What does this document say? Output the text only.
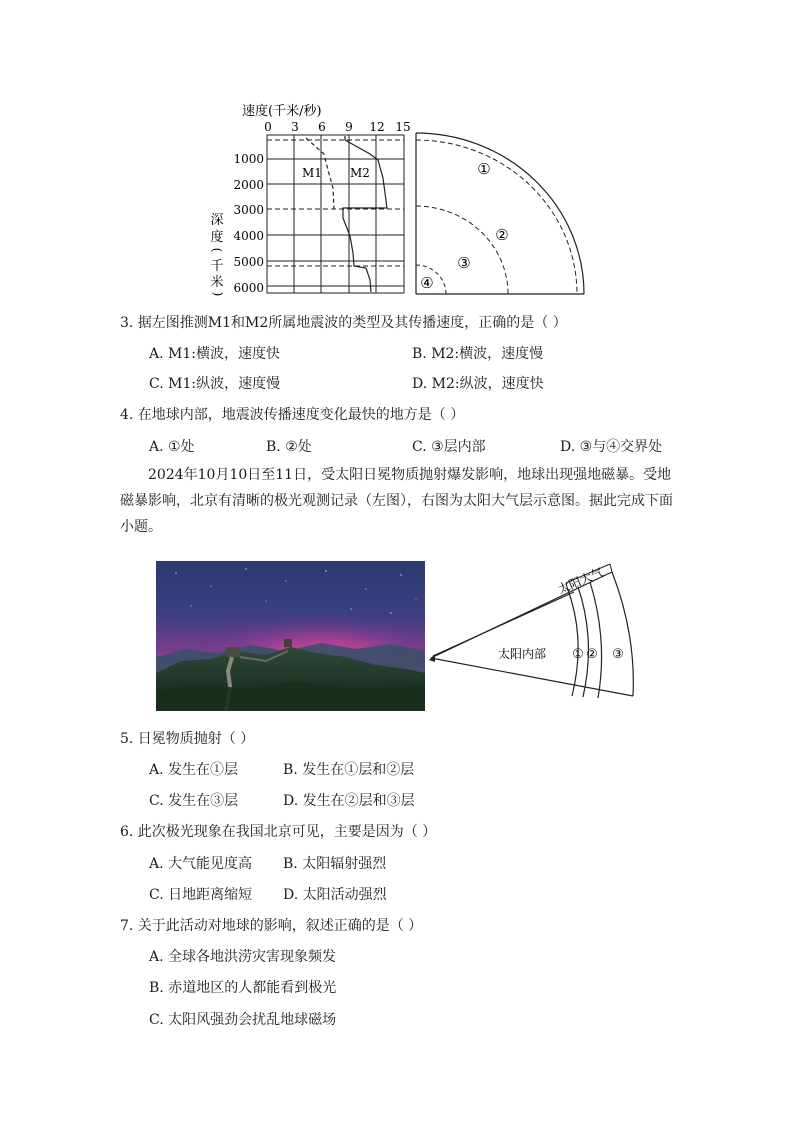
速度(千米/秒)
0 3 6 9 12 15
1000
2000
3000
4000
5000
6000
深
度
(
千
米
)
M1 M2	①
②
③
④
3. 据左图推测M1和M2所属地震波的类型及其传播速度，正确的是（ ）
A. M1:横波，速度快	B. M2:横波，速度慢
C. M1:纵波，速度慢	D. M2:纵波，速度快
4. 在地球内部，地震波传播速度变化最快的地方是（ ）
A. ①处	B. ②处	C. ③层内部	D. ③与④交界处
2024年10月10日至11日，受太阳日冕物质抛射爆发影响，地球出现强地磁暴。受地磁暴影响，北京有清晰的极光观测记录（左图），右图为太阳大气层示意图。据此完成下面小题。
太阳大气
太阳内部 ① ② ③
5. 日冕物质抛射（ ）
A. 发生在①层	B. 发生在①层和②层
C. 发生在③层	D. 发生在②层和③层
6. 此次极光现象在我国北京可见，主要是因为（ ）
A. 大气能见度高 B. 太阳辐射强烈
C. 日地距离缩短 D. 太阳活动强烈
7. 关于此活动对地球的影响，叙述正确的是（ ）
A. 全球各地洪涝灾害现象频发
B. 赤道地区的人都能看到极光
C. 太阳风强劲会扰乱地球磁场
